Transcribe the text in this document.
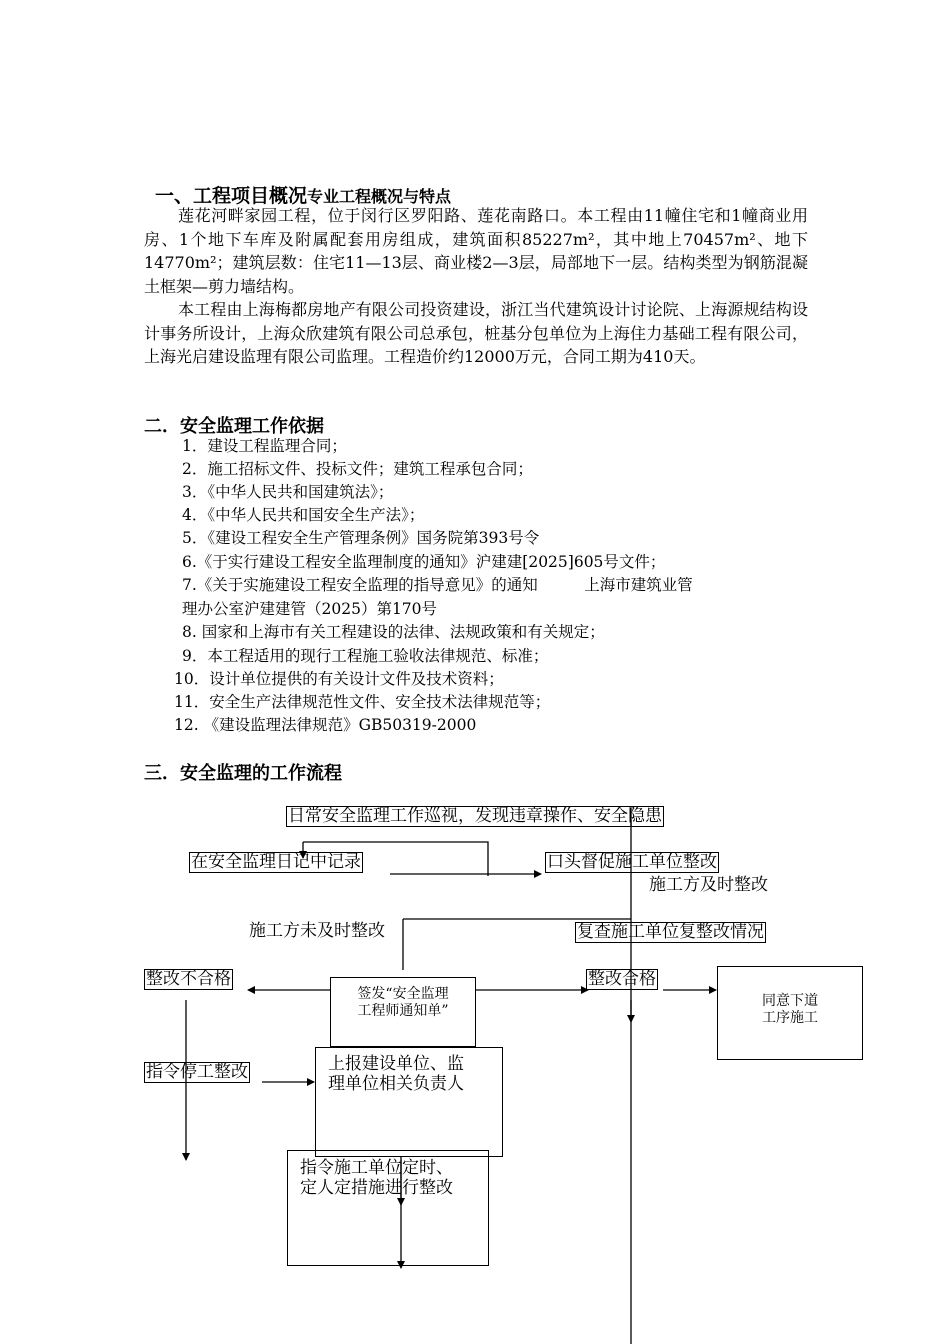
一、工程项目概况专业工程概况与特点
莲花河畔家园工程，位于闵行区罗阳路、莲花南路口。本工程由11幢住宅和1幢商业用房、1个地下车库及附属配套用房组成，建筑面积85227m²，其中地上70457m²、地下14770m²；建筑层数：住宅11—13层、商业楼2—3层，局部地下一层。结构类型为钢筋混凝土框架—剪力墙结构。
本工程由上海梅都房地产有限公司投资建设，浙江当代建筑设计讨论院、上海源规结构设计事务所设计，上海众欣建筑有限公司总承包，桩基分包单位为上海住力基础工程有限公司，上海光启建设监理有限公司监理。工程造价约12000万元，合同工期为410天。
二．安全监理工作依据
1．建设工程监理合同；
2．施工招标文件、投标文件；建筑工程承包合同；
3．《中华人民共和国建筑法》；
4．《中华人民共和国安全生产法》；
5．《建设工程安全生产管理条例》国务院第393号令
6.《于实行建设工程安全监理制度的通知》沪建建[2025]605号文件；
7.《关于实施建设工程安全监理的指导意见》的通知　　　上海市建筑业管
理办公室沪建建管（2025）第170号
8. 国家和上海市有关工程建设的法律、法规政策和有关规定；
9．本工程适用的现行工程施工验收法律规范、标准；
10．设计单位提供的有关设计文件及技术资料；
11．安全生产法律规范性文件、安全技术法律规范等；
12. 《建设监理法律规范》GB50319-2000
三．安全监理的工作流程
日常安全监理工作巡视，发现违章操作、安全隐患
在安全监理日记中记录	口头督促施工单位整改
施工方及时整改
施工方未及时整改	复查施工单位复整改情况
整改不合格	整改合格
签发“安全监理
工程师通知单”
同意下道
工序施工
指令停工整改	上报建设单位、监
理单位相关负责人
指令施工单位定时、
定人定措施进行整改
